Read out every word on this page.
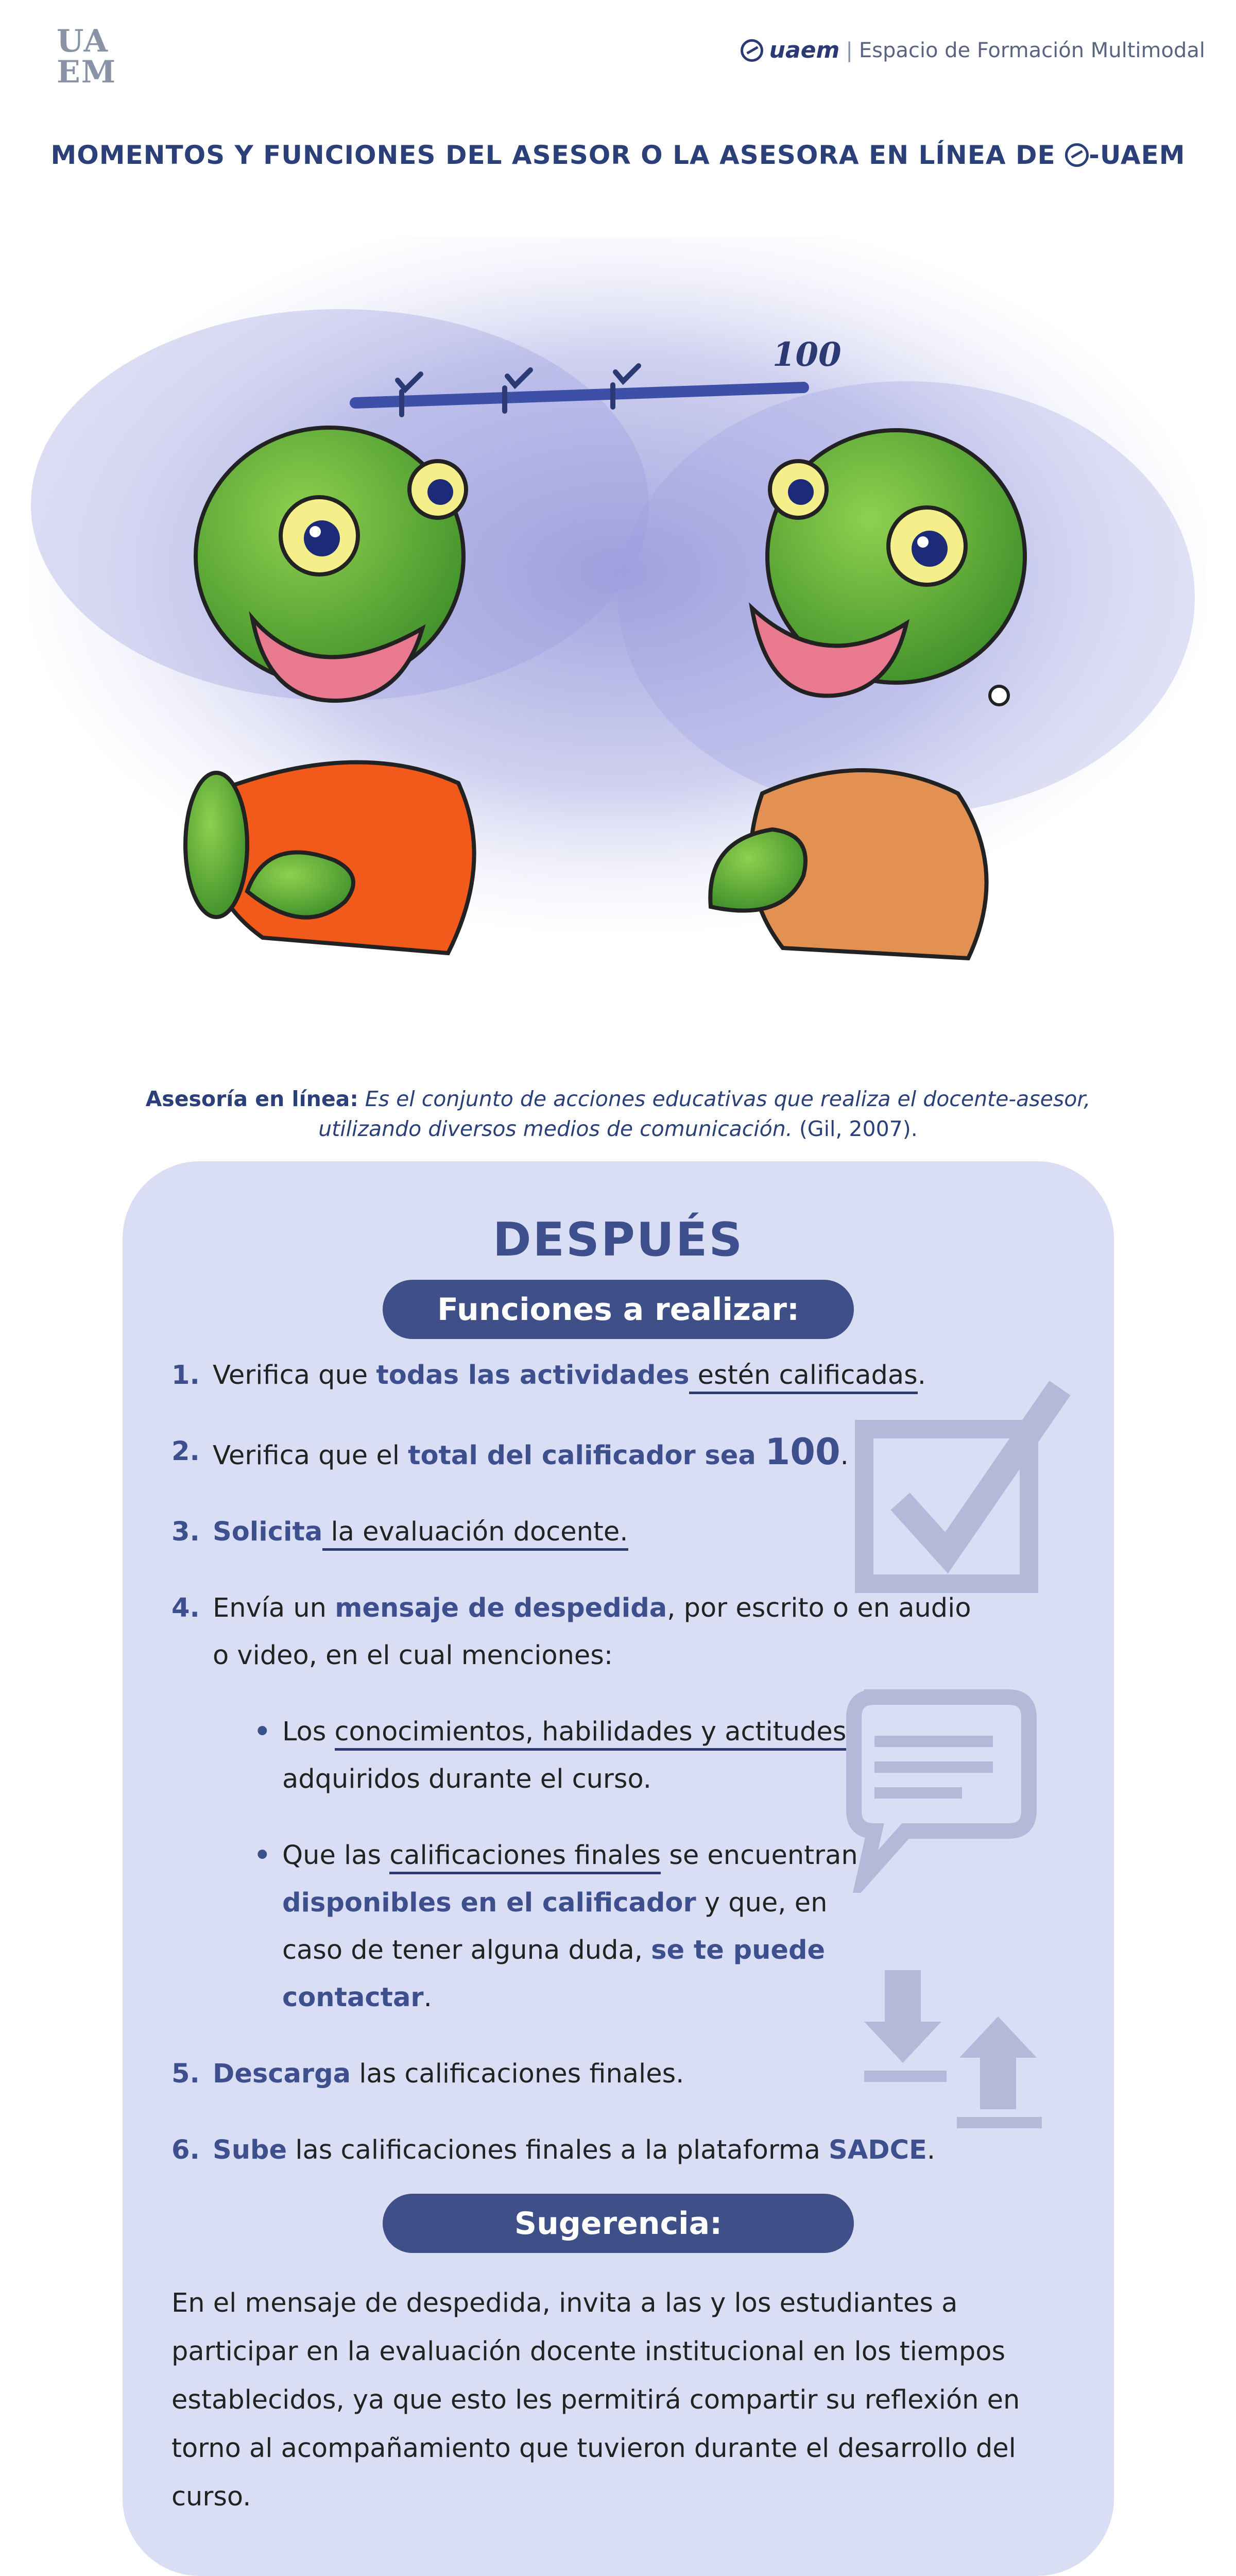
UA
EM
uaem | Espacio de Formación Multimodal
MOMENTOS Y FUNCIONES DEL ASESOR O LA ASESORA EN LÍNEA DE
-UAEM
100
Asesoría en línea: Es el conjunto de acciones educativas que realiza el docente-asesor, utilizando diversos medios de comunicación. (Gil, 2007).
DESPUÉS
Funciones a realizar:
1. Verifica que todas las actividades estén calificadas.
2. Verifica que el total del calificador sea 100.
3. Solicita la evaluación docente.
4. Envía un mensaje de despedida, por escrito o en audio o video, en el cual menciones:
• Los conocimientos, habilidades y actitudes adquiridos durante el curso.
• Que las calificaciones finales se encuentran disponibles en el calificador y que, en caso de tener alguna duda, se te puede contactar.
5. Descarga las calificaciones finales.
6. Sube las calificaciones finales a la plataforma SADCE.
Sugerencia:
En el mensaje de despedida, invita a las y los estudiantes a participar en la evaluación docente institucional en los tiempos establecidos, ya que esto les permitirá compartir su reflexión en torno al acompañamiento que tuvieron durante el desarrollo del curso.
